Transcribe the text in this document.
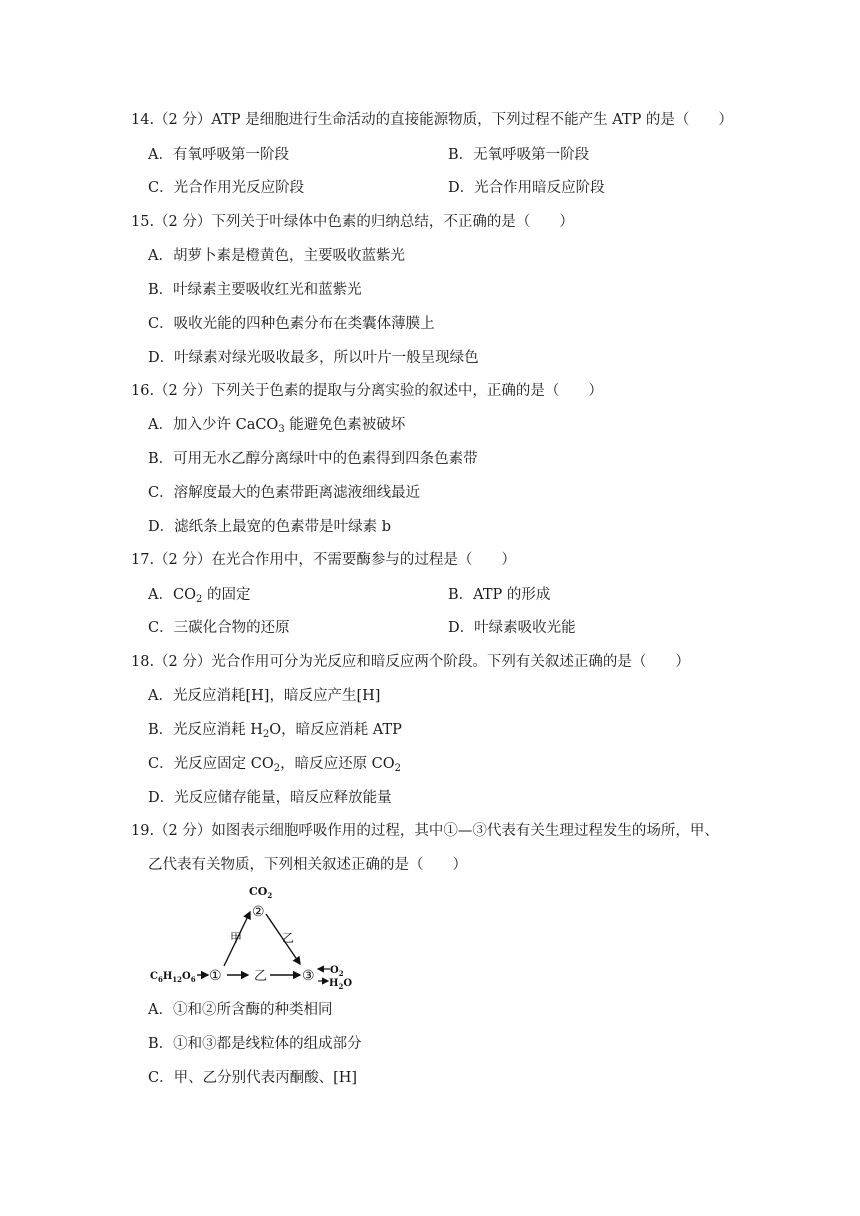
14.（2 分）ATP 是细胞进行生命活动的直接能源物质，下列过程不能产生 ATP 的是（　　）
A．有氧呼吸第一阶段	B．无氧呼吸第一阶段
C．光合作用光反应阶段	D．光合作用暗反应阶段
15.（2 分）下列关于叶绿体中色素的归纳总结，不正确的是（　　）
A．胡萝卜素是橙黄色，主要吸收蓝紫光
B．叶绿素主要吸收红光和蓝紫光
C．吸收光能的四种色素分布在类囊体薄膜上
D．叶绿素对绿光吸收最多，所以叶片一般呈现绿色
16.（2 分）下列关于色素的提取与分离实验的叙述中，正确的是（　　）
A．加入少许 CaCO$_3$ 能避免色素被破坏
B．可用无水乙醇分离绿叶中的色素得到四条色素带
C．溶解度最大的色素带距离滤液细线最近
D．滤纸条上最宽的色素带是叶绿素 b
17.（2 分）在光合作用中，不需要酶参与的过程是（　　）
A．$CO_2$ 的固定	B．ATP 的形成
C．三碳化合物的还原	D．叶绿素吸收光能
18.（2 分）光合作用可分为光反应和暗反应两个阶段。下列有关叙述正确的是（　　）
A．光反应消耗[H]，暗反应产生[H]
B．光反应消耗 $H_2O$，暗反应消耗 ATP
C．光反应固定 $CO_2$，暗反应还原 $CO_2$
D．光反应储存能量，暗反应释放能量
19.（2 分）如图表示细胞呼吸作用的过程，其中①—③代表有关生理过程发生的场所，甲、
乙代表有关物质，下列相关叙述正确的是（　　）
$CO_2$
②
$C_6H_{12}O_6$ ①
甲	乙
乙 ③ $O_2$
$H_2O$
A．①和②所含酶的种类相同
B．①和③都是线粒体的组成部分
C．甲、乙分别代表丙酮酸、[H]
